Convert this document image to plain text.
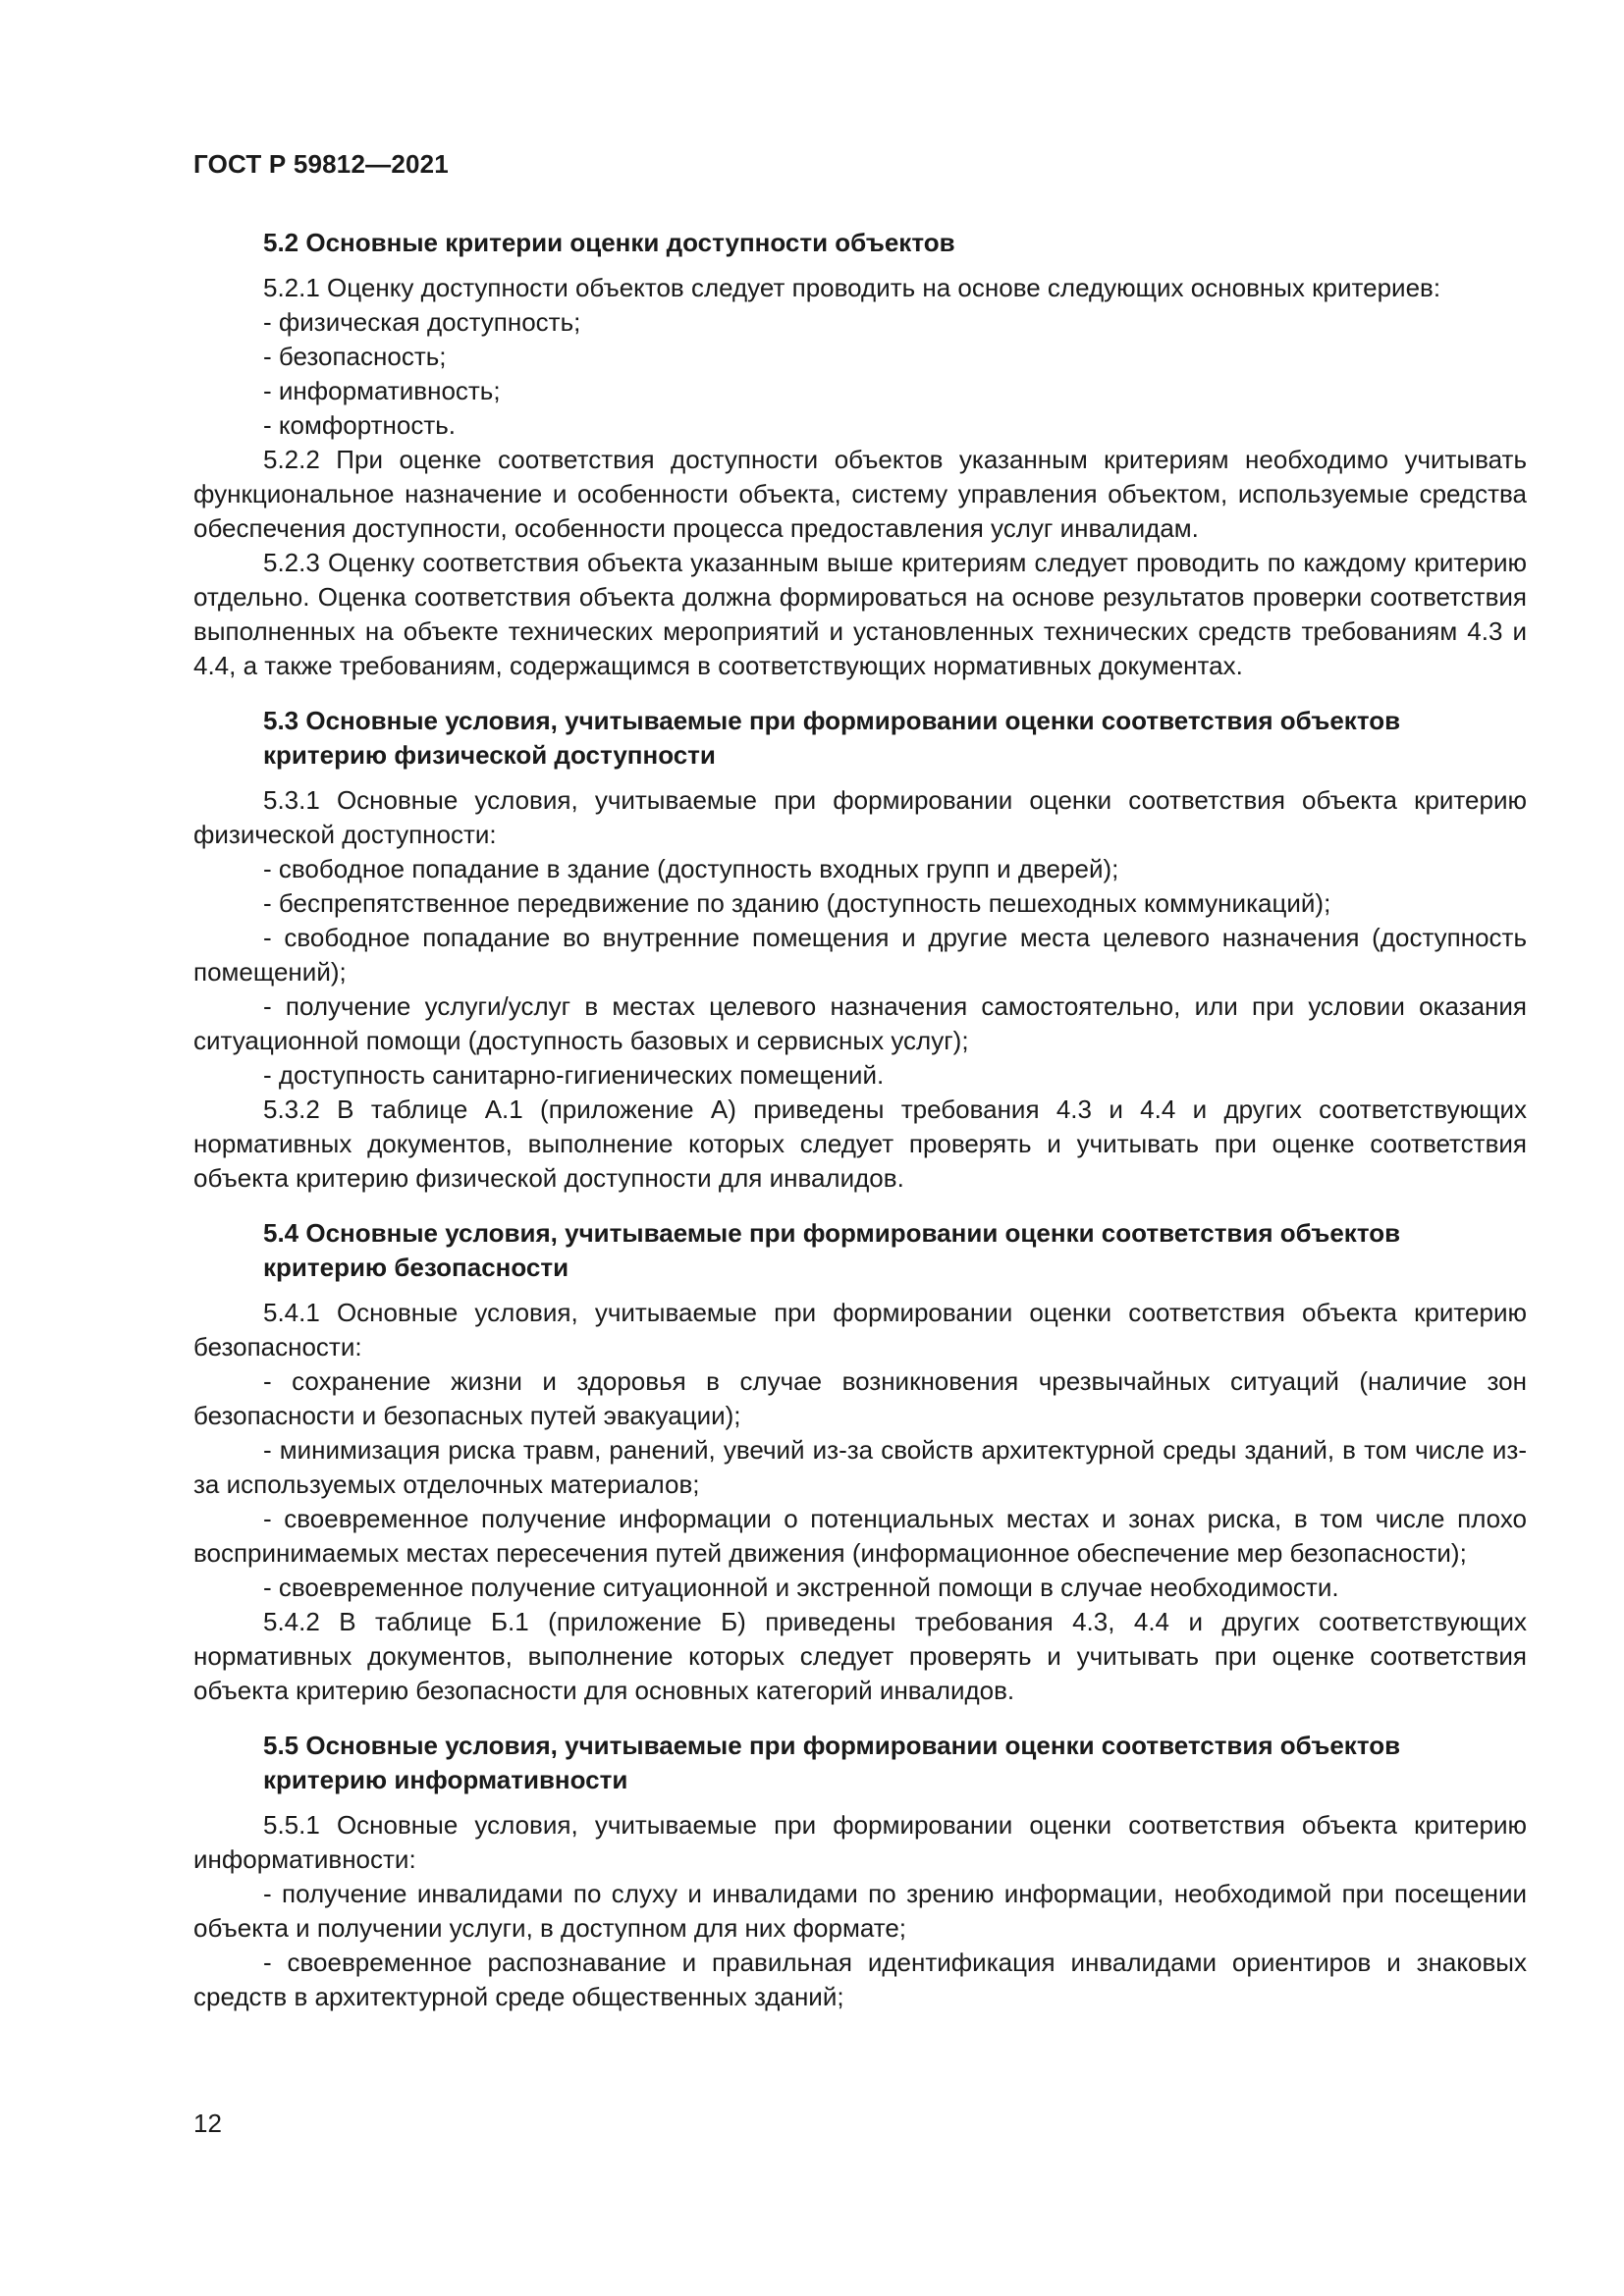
ГОСТ Р 59812—2021
5.2 Основные критерии оценки доступности объектов

5.2.1 Оценку доступности объектов следует проводить на основе следующих основных критериев:

- физическая доступность;

- безопасность;

- информативность;

- комфортность.

5.2.2 При оценке соответствия доступности объектов указанным критериям необходимо учитывать функциональное назначение и особенности объекта, систему управления объектом, используемые средства обеспечения доступности, особенности процесса предоставления услуг инвалидам.

5.2.3 Оценку соответствия объекта указанным выше критериям следует проводить по каждому критерию отдельно. Оценка соответствия объекта должна формироваться на основе результатов проверки соответствия выполненных на объекте технических мероприятий и установленных технических средств требованиям 4.3 и 4.4, а также требованиям, содержащимся в соответствующих нормативных документах.

5.3 Основные условия, учитываемые при формировании оценки соответствия объектов критерию физической доступности

5.3.1 Основные условия, учитываемые при формировании оценки соответствия объекта критерию физической доступности:

- свободное попадание в здание (доступность входных групп и дверей);

- беспрепятственное передвижение по зданию (доступность пешеходных коммуникаций);

- свободное попадание во внутренние помещения и другие места целевого назначения (доступность помещений);

- получение услуги/услуг в местах целевого назначения самостоятельно, или при условии оказания ситуационной помощи (доступность базовых и сервисных услуг);

- доступность санитарно-гигиенических помещений.

5.3.2 В таблице А.1 (приложение А) приведены требования 4.3 и 4.4 и других соответствующих нормативных документов, выполнение которых следует проверять и учитывать при оценке соответствия объекта критерию физической доступности для инвалидов.

5.4 Основные условия, учитываемые при формировании оценки соответствия объектов критерию безопасности

5.4.1 Основные условия, учитываемые при формировании оценки соответствия объекта критерию безопасности:

- сохранение жизни и здоровья в случае возникновения чрезвычайных ситуаций (наличие зон безопасности и безопасных путей эвакуации);

- минимизация риска травм, ранений, увечий из-за свойств архитектурной среды зданий, в том числе из-за используемых отделочных материалов;

- своевременное получение информации о потенциальных местах и зонах риска, в том числе плохо воспринимаемых местах пересечения путей движения (информационное обеспечение мер безопасности);

- своевременное получение ситуационной и экстренной помощи в случае необходимости.

5.4.2 В таблице Б.1 (приложение Б) приведены требования 4.3, 4.4 и других соответствующих нормативных документов, выполнение которых следует проверять и учитывать при оценке соответствия объекта критерию безопасности для основных категорий инвалидов.

5.5 Основные условия, учитываемые при формировании оценки соответствия объектов критерию информативности

5.5.1 Основные условия, учитываемые при формировании оценки соответствия объекта критерию информативности:

- получение инвалидами по слуху и инвалидами по зрению информации, необходимой при посещении объекта и получении услуги, в доступном для них формате;

- своевременное распознавание и правильная идентификация инвалидами ориентиров и знаковых средств в архитектурной среде общественных зданий;

12
